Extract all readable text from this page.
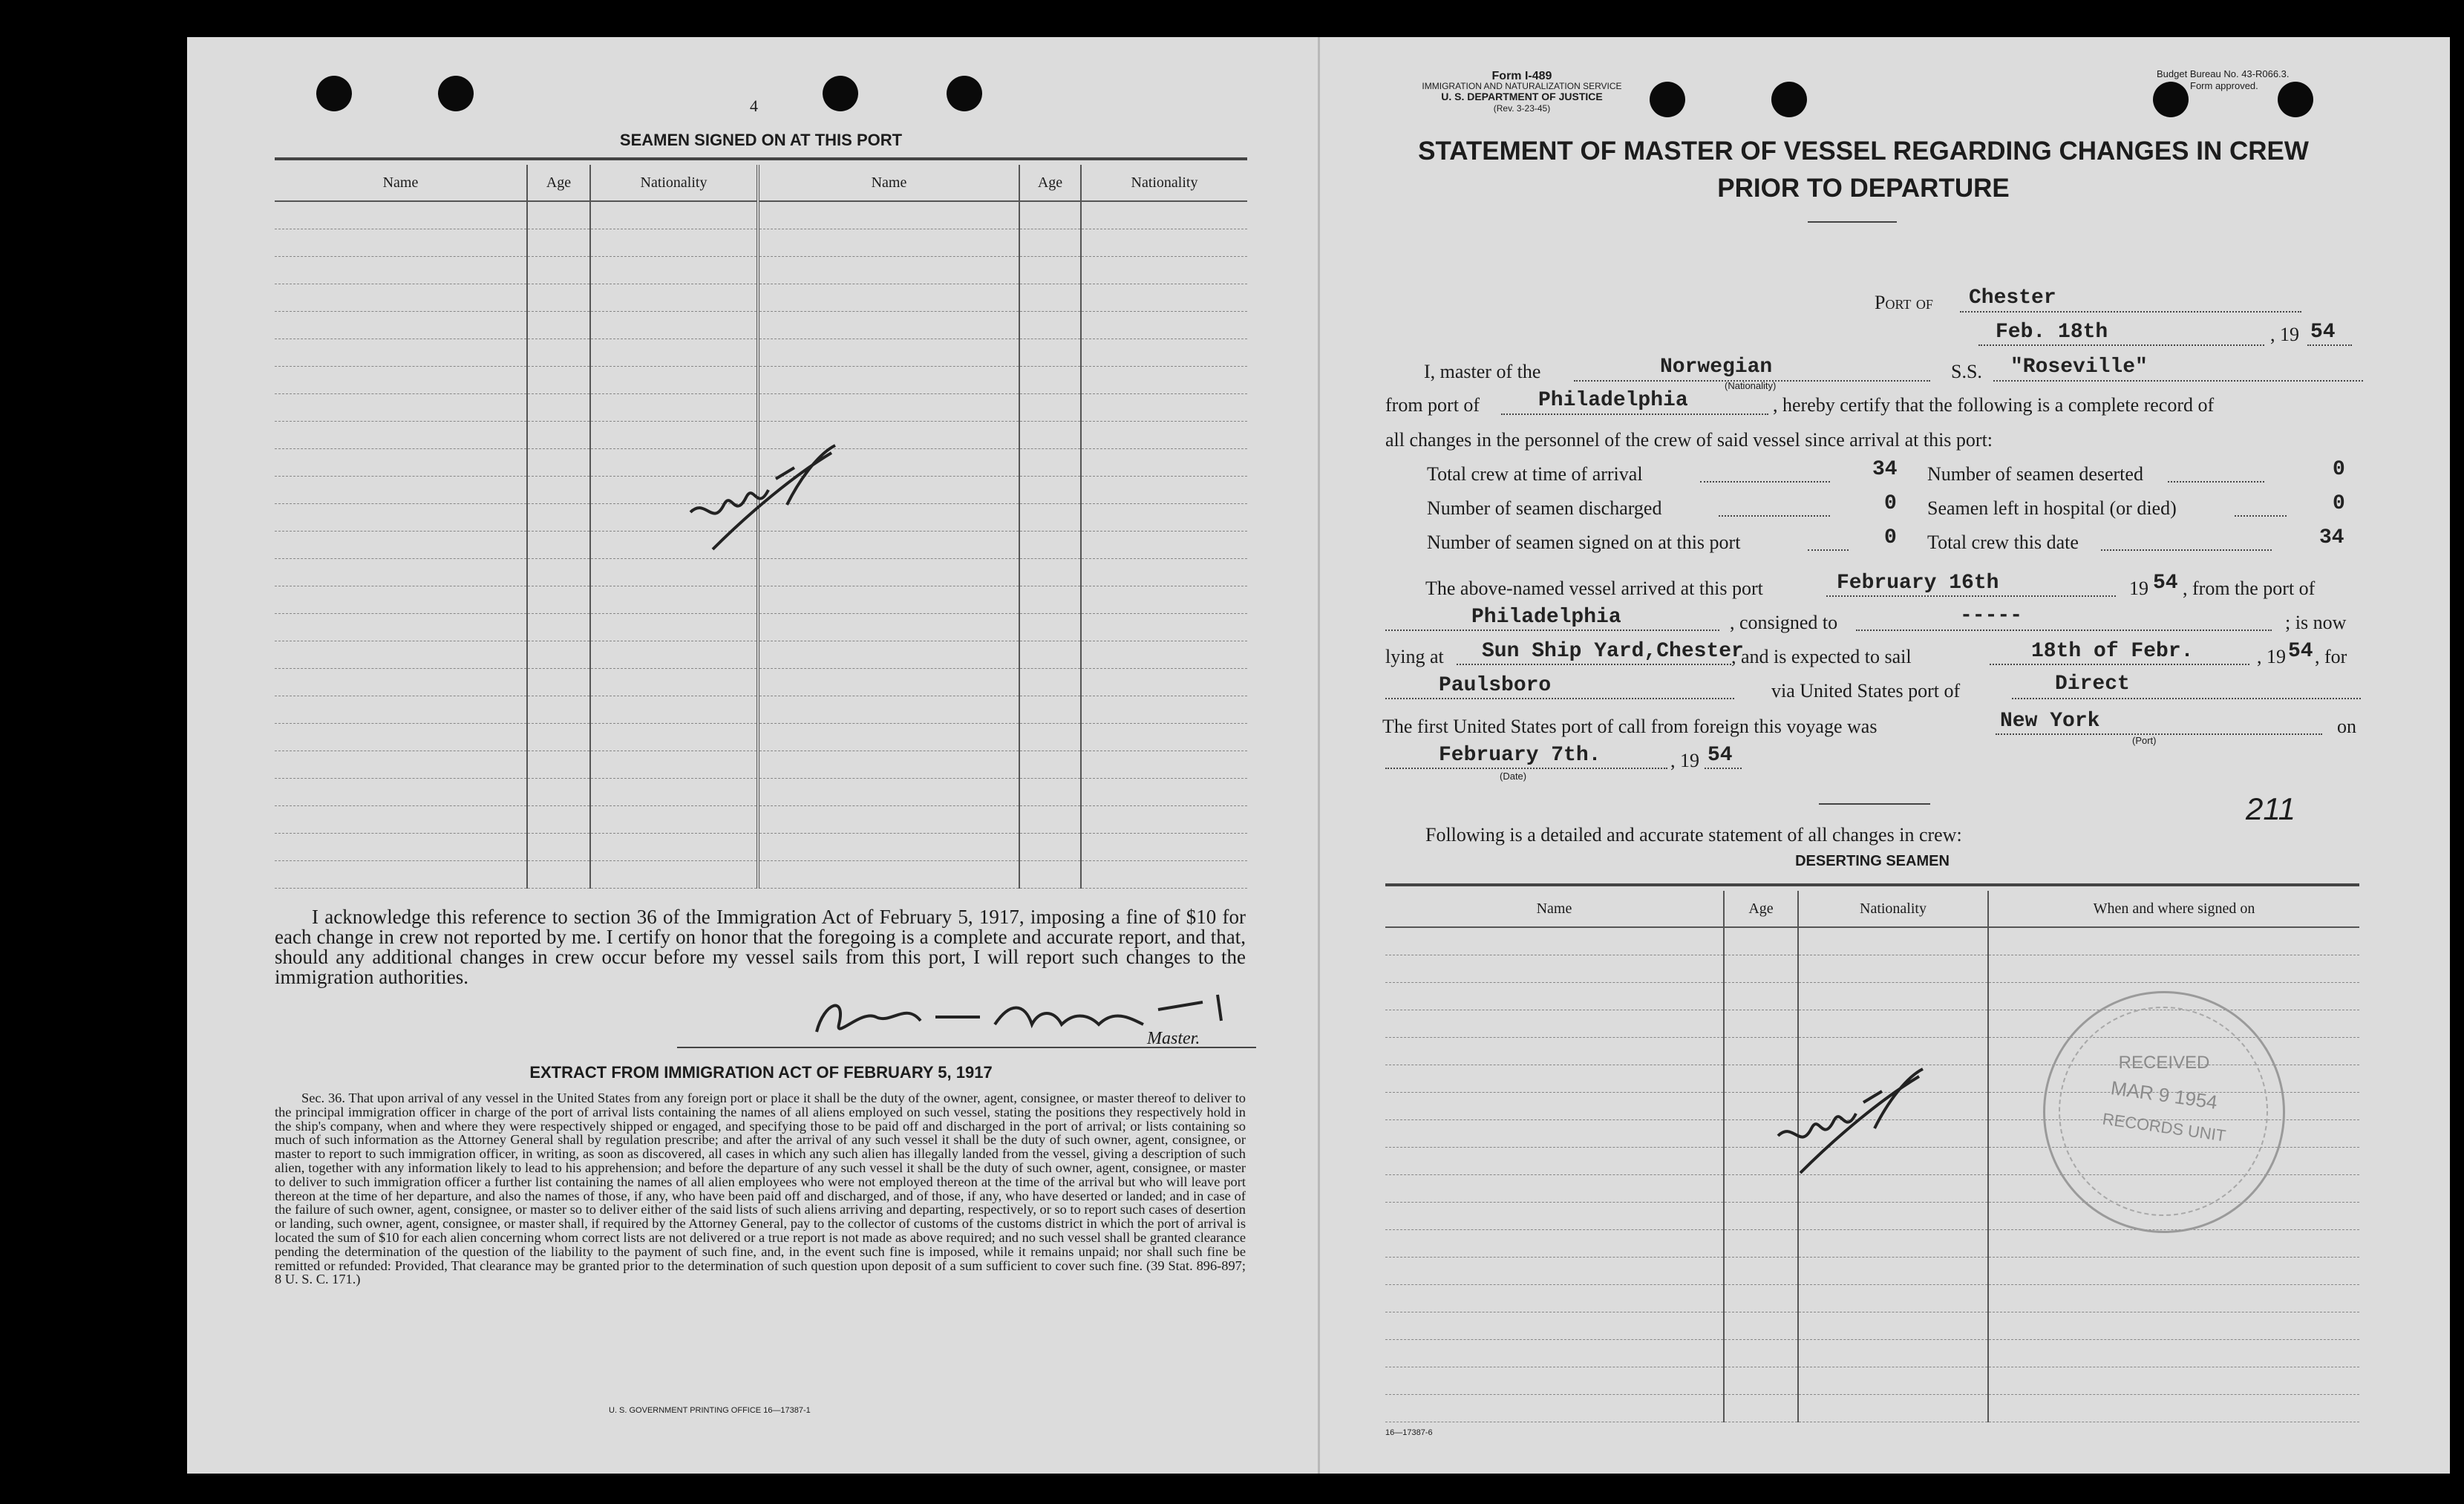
4
SEAMEN SIGNED ON AT THIS PORT
Name	Age	Nationality	Name	Age	Nationality

I acknowledge this reference to section 36 of the Immigration Act of February 5, 1917, imposing a fine of $10 for each change in crew not reported by me. I certify on honor that the foregoing is a complete and accurate report, and that, should any additional changes in crew occur before my vessel sails from this port, I will report such changes to the immigration authorities.
Master.
EXTRACT FROM IMMIGRATION ACT OF FEBRUARY 5, 1917
Sec. 36. That upon arrival of any vessel in the United States from any foreign port or place it shall be the duty of the owner, agent, consignee, or master thereof to deliver to the principal immigration officer in charge of the port of arrival lists containing the names of all aliens employed on such vessel, stating the positions they respectively hold in the ship's company, when and where they were respectively shipped or engaged, and specifying those to be paid off and discharged in the port of arrival; or lists containing so much of such information as the Attorney General shall by regulation prescribe; and after the arrival of any such vessel it shall be the duty of such owner, agent, consignee, or master to report to such immigration officer, in writing, as soon as discovered, all cases in which any such alien has illegally landed from the vessel, giving a description of such alien, together with any information likely to lead to his apprehension; and before the departure of any such vessel it shall be the duty of such owner, agent, consignee, or master to deliver to such immigration officer a further list containing the names of all alien employees who were not employed thereon at the time of the arrival but who will leave port thereon at the time of her departure, and also the names of those, if any, who have been paid off and discharged, and of those, if any, who have deserted or landed; and in case of the failure of such owner, agent, consignee, or master so to deliver either of the said lists of such aliens arriving and departing, respectively, or so to report such cases of desertion or landing, such owner, agent, consignee, or master shall, if required by the Attorney General, pay to the collector of customs of the customs district in which the port of arrival is located the sum of $10 for each alien concerning whom correct lists are not delivered or a true report is not made as above required; and no such vessel shall be granted clearance pending the determination of the question of the liability to the payment of such fine, and, in the event such fine is imposed, while it remains unpaid; nor shall such fine be remitted or refunded: Provided, That clearance may be granted prior to the determination of such question upon deposit of a sum sufficient to cover such fine. (39 Stat. 896-897; 8 U. S. C. 171.)
U. S. GOVERNMENT PRINTING OFFICE 16—17387-1
Form I-489
IMMIGRATION AND NATURALIZATION SERVICE
U. S. DEPARTMENT OF JUSTICE
(Rev. 3-23-45)
Budget Bureau No. 43-R066.3.
Form approved.
STATEMENT OF MASTER OF VESSEL REGARDING CHANGES IN CREW
PRIOR TO DEPARTURE
Port of Chester
Feb. 18th	, 19 54
I, master of the	Norwegian
(Nationality)
S.S. "Roseville"
from port of	Philadelphia	, hereby certify that the following is a complete record of
all changes in the personnel of the crew of said vessel since arrival at this port:
Total crew at time of arrival	34 Number of seamen deserted	0
Number of seamen discharged	0 Seamen left in hospital (or died)	0
Number of seamen signed on at this port	0 Total crew this date	34
The above-named vessel arrived at this port	February 16th	19 54 , from the port of
Philadelphia	, consigned to	-----	; is now
lying at Sun Ship Yard,Chester
, and is expected to sail	18th of Febr.	, 19 54 , for
Paulsboro	via United States port of	Direct
The first United States port of call from foreign this voyage was	New York
(Port)
on
February 7th.
(Date)
, 19 54
211
Following is a detailed and accurate statement of all changes in crew:
DESERTING SEAMEN
Name	Age	Nationality	When and where signed on

RECEIVED
MAR 9 1954
RECORDS UNIT
16—17387-6
